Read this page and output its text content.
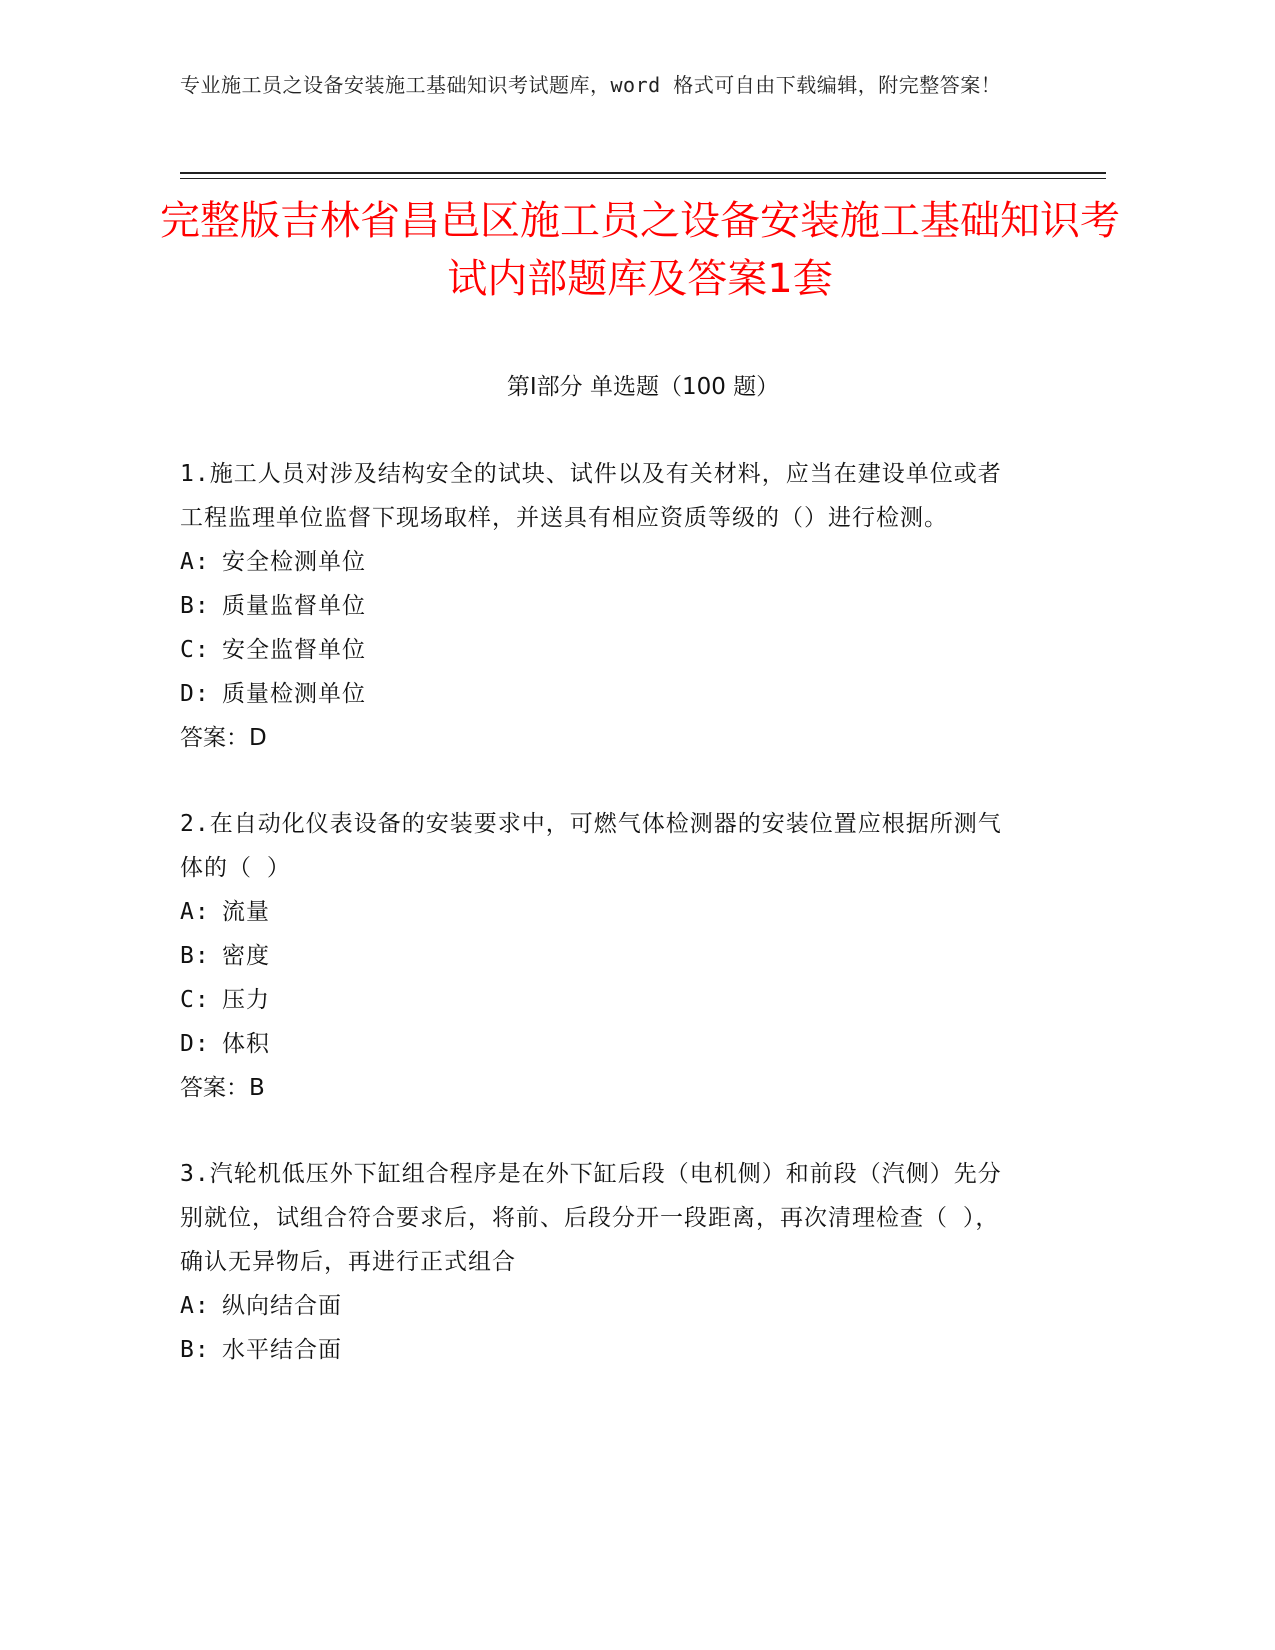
专业施工员之设备安装施工基础知识考试题库，word 格式可自由下载编辑，附完整答案！
完整版吉林省昌邑区施工员之设备安装施工基础知识考试内部题库及答案1套
第Ⅰ部分 单选题（100 题）
1.施工人员对涉及结构安全的试块、试件以及有关材料，应当在建设单位或者工程监理单位监督下现场取样，并送具有相应资质等级的（）进行检测。
A: 安全检测单位
B: 质量监督单位
C: 安全监督单位
D: 质量检测单位
答案：D
2.在自动化仪表设备的安装要求中，可燃气体检测器的安装位置应根据所测气体的（ ）
A: 流量
B: 密度
C: 压力
D: 体积
答案：B
3.汽轮机低压外下缸组合程序是在外下缸后段（电机侧）和前段（汽侧）先分别就位，试组合符合要求后，将前、后段分开一段距离，再次清理检查（ ），确认无异物后，再进行正式组合
A: 纵向结合面
B: 水平结合面
